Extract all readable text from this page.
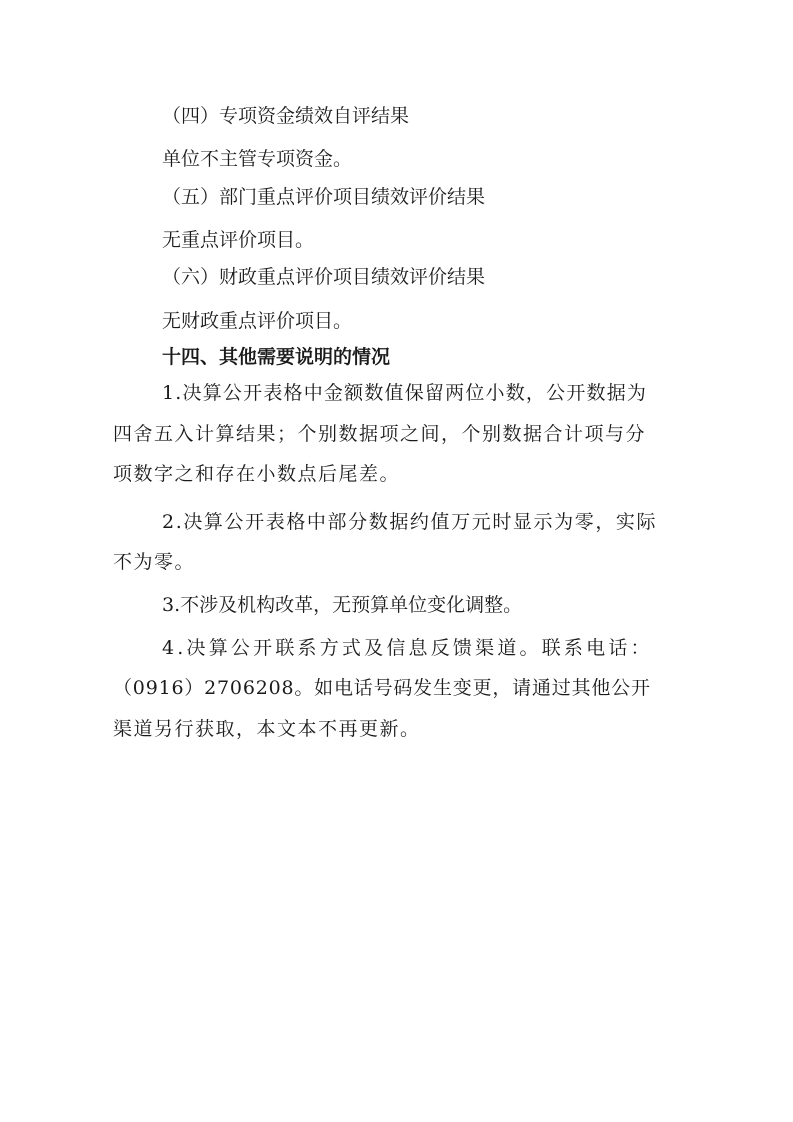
（四）专项资金绩效自评结果
单位不主管专项资金。
（五）部门重点评价项目绩效评价结果
无重点评价项目。
（六）财政重点评价项目绩效评价结果
无财政重点评价项目。
十四、其他需要说明的情况
1.决算公开表格中金额数值保留两位小数，公开数据为
四舍五入计算结果；个别数据项之间，个别数据合计项与分
项数字之和存在小数点后尾差。
2.决算公开表格中部分数据约值万元时显示为零，实际
不为零。
3.不涉及机构改革，无预算单位变化调整。
4.决算公开联系方式及信息反馈渠道。联系电话：
（0916）2706208。如电话号码发生变更，请通过其他公开
渠道另行获取，本文本不再更新。
